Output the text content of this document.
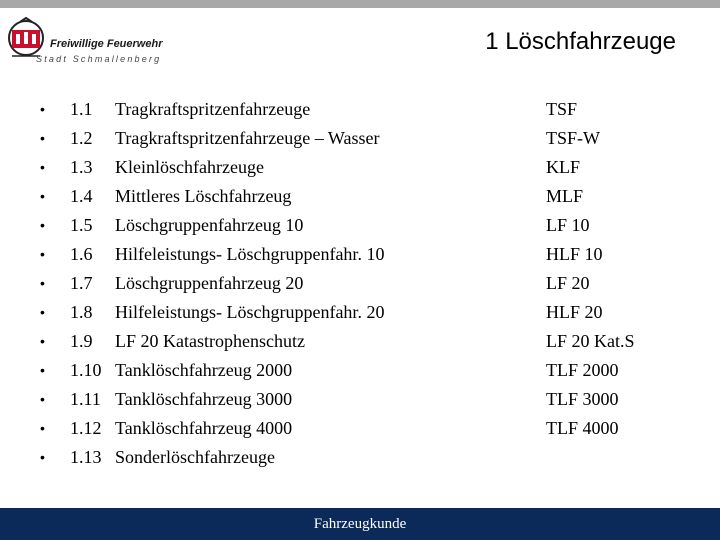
Freiwillige Feuerwehr
Stadt Schmallenberg
1 Löschfahrzeuge
• 1.1 Tragkraftspritzenfahrzeuge
• 1.2 Tragkraftspritzenfahrzeuge – Wasser
• 1.3 Kleinlöschfahrzeuge
• 1.4 Mittleres Löschfahrzeug
• 1.5 Löschgruppenfahrzeug 10
• 1.6 Hilfeleistungs- Löschgruppenfahr. 10
• 1.7 Löschgruppenfahrzeug 20
• 1.8 Hilfeleistungs- Löschgruppenfahr. 20
• 1.9 LF 20 Katastrophenschutz
• 1.10 Tanklöschfahrzeug 2000
• 1.11 Tanklöschfahrzeug 3000
• 1.12 Tanklöschfahrzeug 4000
• 1.13 Sonderlöschfahrzeuge
TSF
TSF-W
KLF
MLF
LF 10
HLF 10
LF 20
HLF 20
LF 20 Kat.S
TLF 2000
TLF 3000
TLF 4000
Fahrzeugkunde
